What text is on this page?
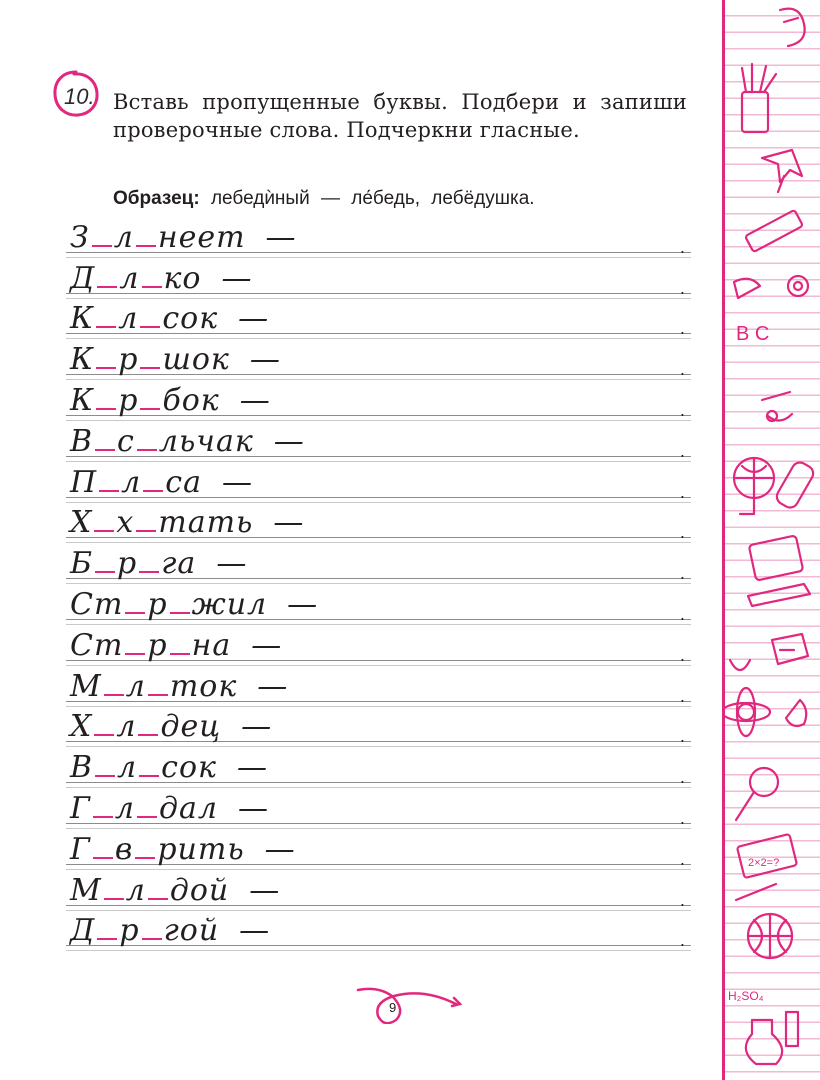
10. Вставь пропущенные буквы. Подбери и запиши проверочные слова. Подчеркни гласные.
Образец: лебедѝный — ле́бедь, лебёдушка.
З л неет —	.
Д л ко —	.
К л сок —	.
К р шок —	.
К р бок —	.
В с льчак —	.
П л са —	.
Х х тать —	.
Б р га —	.
Ст р жил —	.
Ст р на —	.
М л ток —	.
Х л дец —	.
В л сок —	.
Г л дал —	.
Г в рить —	.
М л дой —	.
Д р гой —	.
B C
2×2=?
H₂SO₄
9
